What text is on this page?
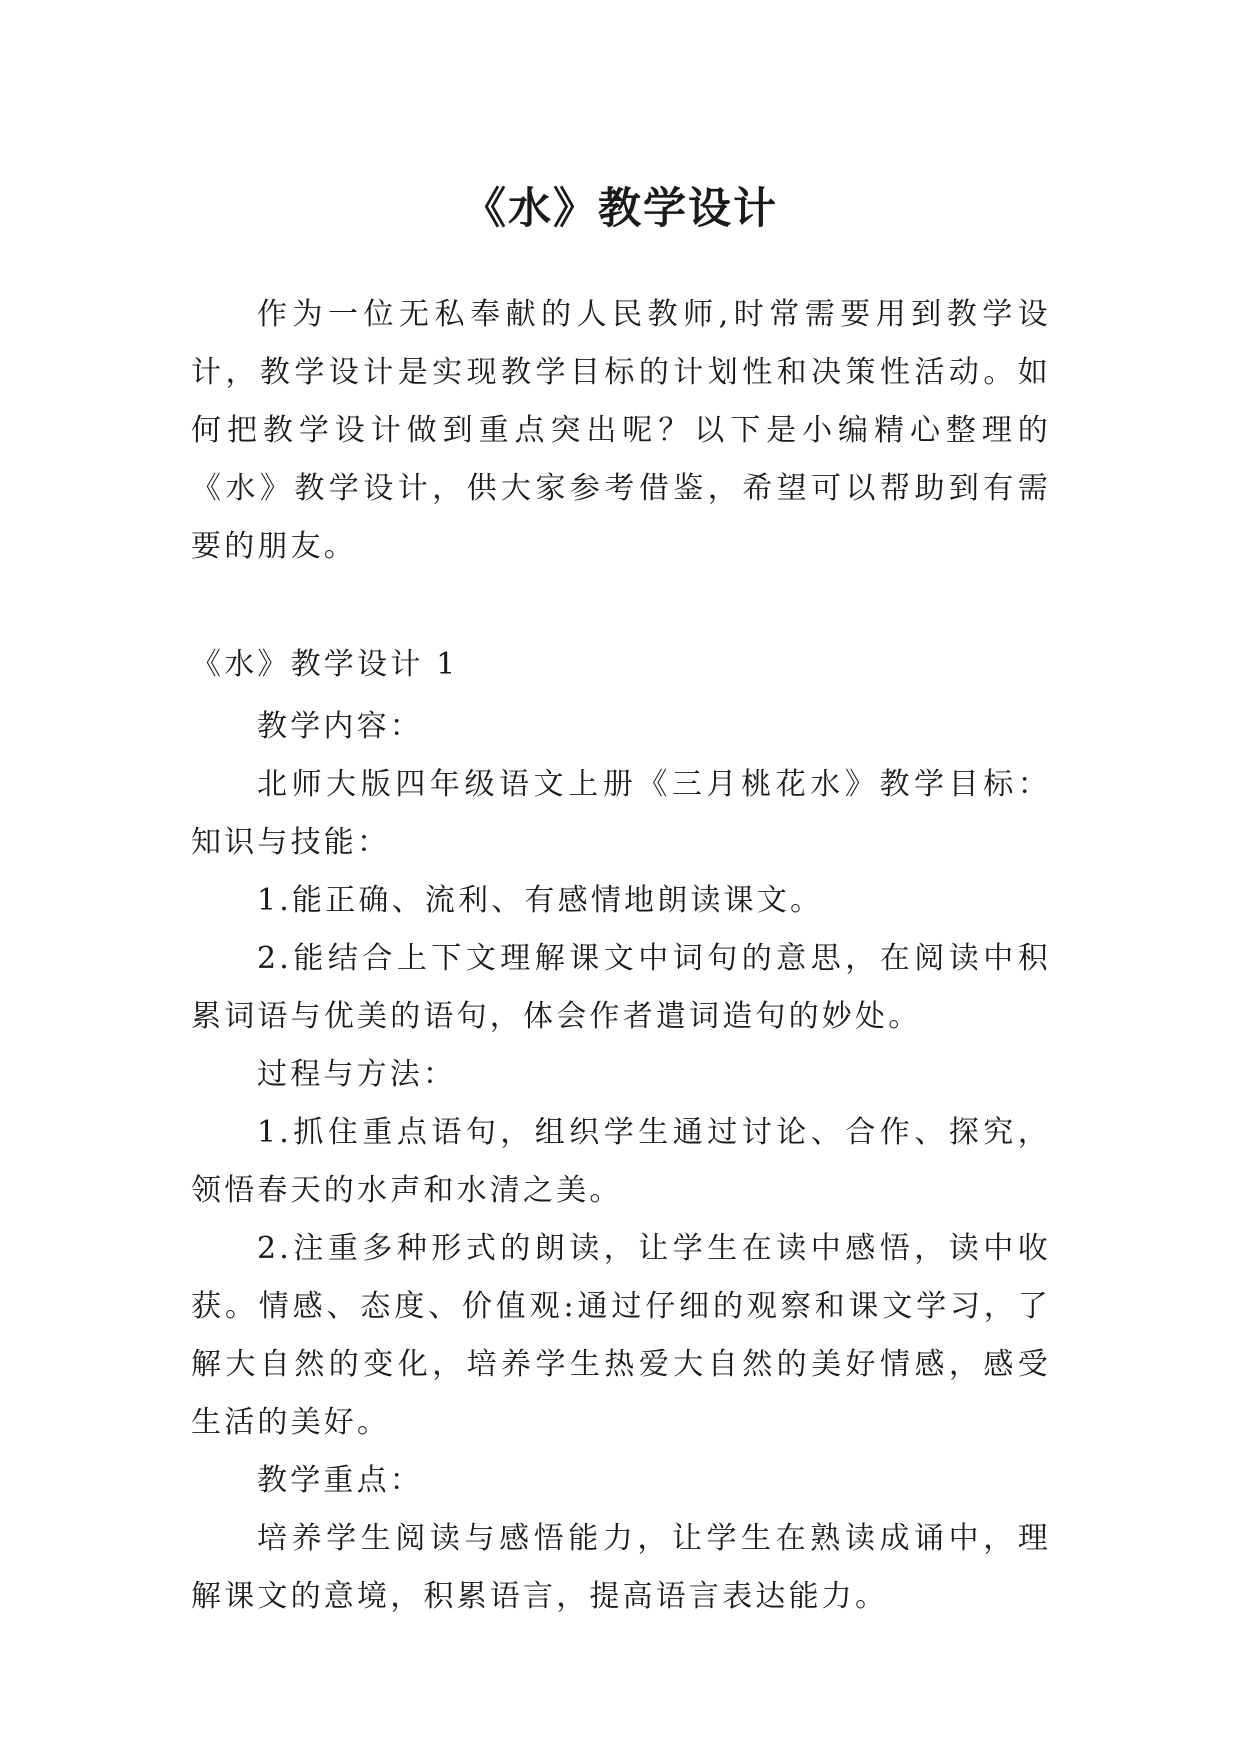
《水》教学设计

作为一位无私奉献的人民教师,时常需要用到教学设计，教学设计是实现教学目标的计划性和决策性活动。如何把教学设计做到重点突出呢？以下是小编精心整理的《水》教学设计，供大家参考借鉴，希望可以帮助到有需要的朋友。

《水》教学设计 1

教学内容：

北师大版四年级语文上册《三月桃花水》教学目标：知识与技能：

1.能正确、流利、有感情地朗读课文。

2.能结合上下文理解课文中词句的意思，在阅读中积累词语与优美的语句，体会作者遣词造句的妙处。

过程与方法：

1.抓住重点语句，组织学生通过讨论、合作、探究，领悟春天的水声和水清之美。

2.注重多种形式的朗读，让学生在读中感悟，读中收获。情感、态度、价值观:通过仔细的观察和课文学习，了解大自然的变化，培养学生热爱大自然的美好情感，感受生活的美好。

教学重点：

培养学生阅读与感悟能力，让学生在熟读成诵中，理解课文的意境，积累语言，提高语言表达能力。
